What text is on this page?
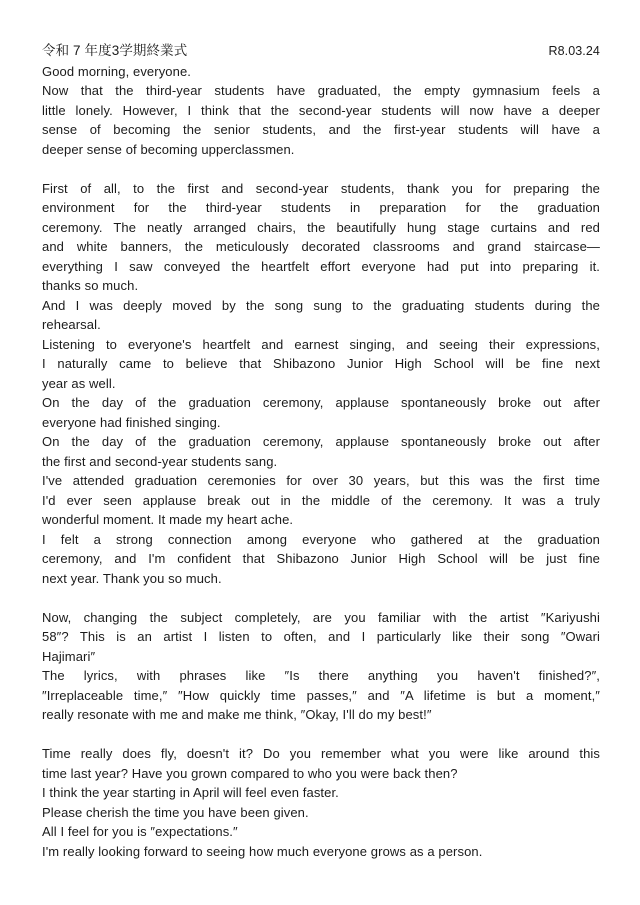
令和 7 年度3学期終業式	R8.03.24
Good morning, everyone.
Now that the third-year students have graduated, the empty gymnasium feels a
little lonely. However, I think that the second-year students will now have a deeper
sense of becoming the senior students, and the first-year students will have a
deeper sense of becoming upperclassmen.

First of all, to the first and second-year students, thank you for preparing the
environment for the third-year students in preparation for the graduation
ceremony. The neatly arranged chairs, the beautifully hung stage curtains and red
and white banners, the meticulously decorated classrooms and grand staircase—
everything I saw conveyed the heartfelt effort everyone had put into preparing it.
thanks so much.
And I was deeply moved by the song sung to the graduating students during the
rehearsal.
Listening to everyone's heartfelt and earnest singing, and seeing their expressions,
I naturally came to believe that Shibazono Junior High School will be fine next
year as well.
On the day of the graduation ceremony, applause spontaneously broke out after
everyone had finished singing.
On the day of the graduation ceremony, applause spontaneously broke out after
the first and second-year students sang.
I've attended graduation ceremonies for over 30 years, but this was the first time
I'd ever seen applause break out in the middle of the ceremony. It was a truly
wonderful moment. It made my heart ache.
I felt a strong connection among everyone who gathered at the graduation
ceremony, and I'm confident that Shibazono Junior High School will be just fine
next year. Thank you so much.

Now, changing the subject completely, are you familiar with the artist ″Kariyushi
58″? This is an artist I listen to often, and I particularly like their song ″Owari
Hajimari″
The lyrics, with phrases like ″Is there anything you haven't finished?″,
″Irreplaceable time,″ ″How quickly time passes,″ and ″A lifetime is but a moment,″
really resonate with me and make me think, ″Okay, I'll do my best!″

Time really does fly, doesn't it? Do you remember what you were like around this
time last year? Have you grown compared to who you were back then?
I think the year starting in April will feel even faster.
Please cherish the time you have been given.
All I feel for you is ″expectations.″
I'm really looking forward to seeing how much everyone grows as a person.
